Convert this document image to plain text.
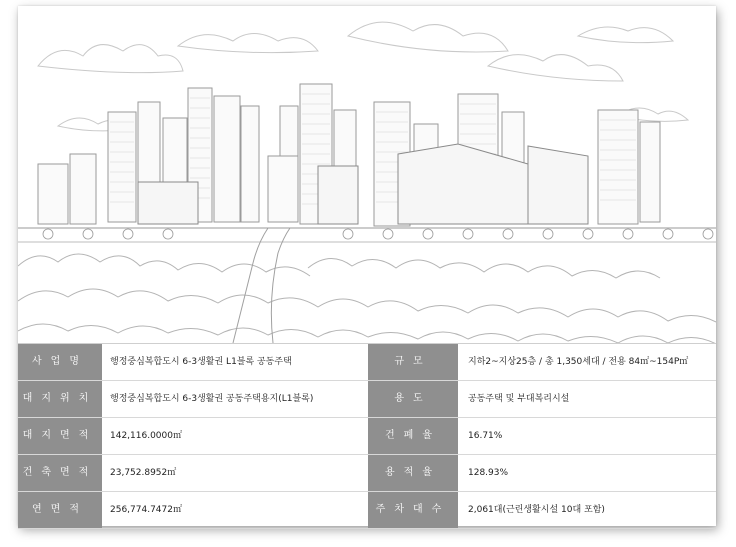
사업명	행정중심복합도시 6-3생활권 L1블록 공동주택	규모	지하2~지상25층 / 총 1,350세대 / 전용 84㎡~154P㎡
대지위치	행정중심복합도시 6-3생활권 공동주택용지(L1블록)	용도	공동주택 및 부대복리시설
대지면적	142,116.0000㎡	건폐율	16.71%
건축면적	23,752.8952㎡	용적율	128.93%
연면적	256,774.7472㎡	주차대수	2,061대(근린생활시설 10대 포함)
